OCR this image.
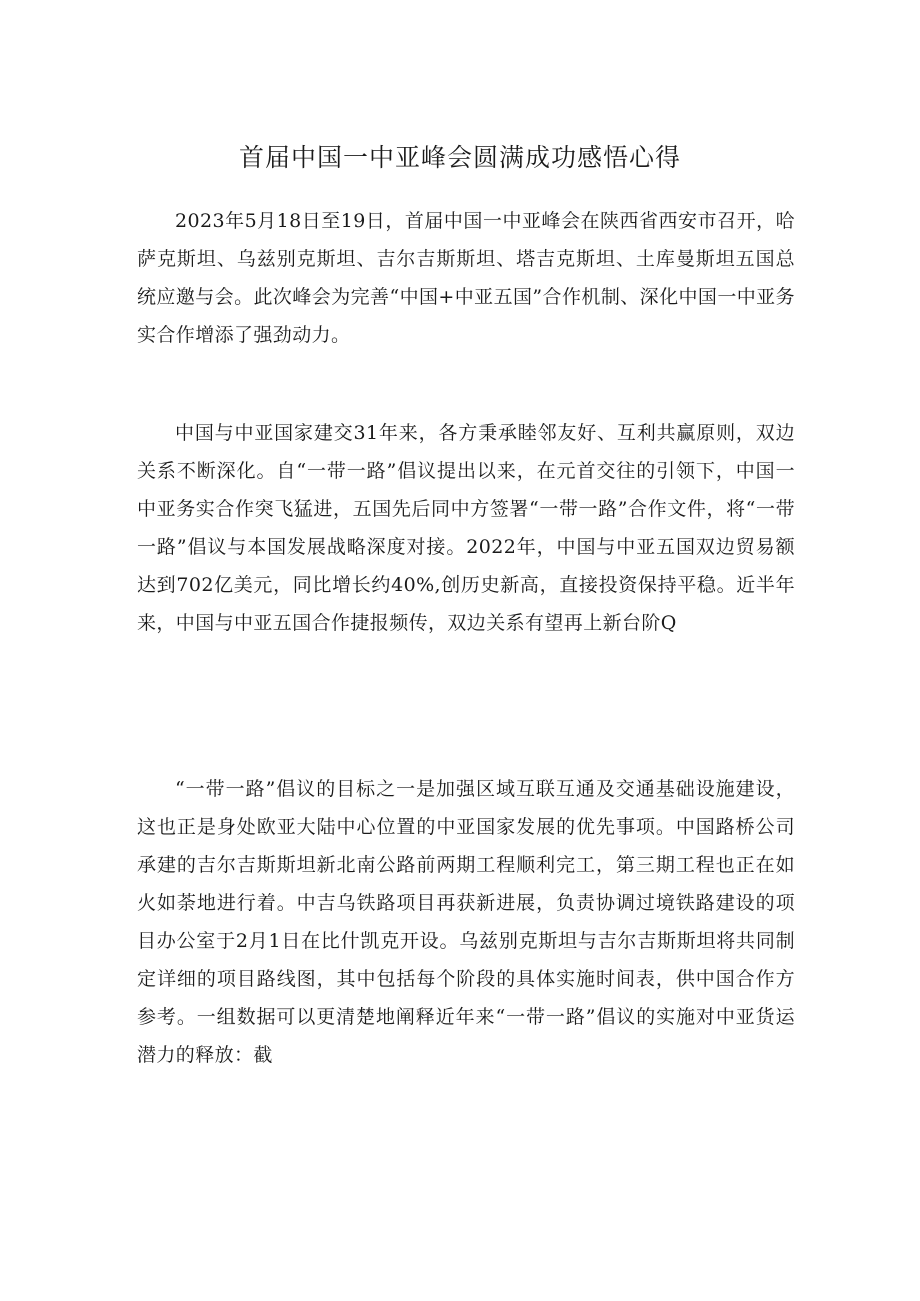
首届中国一中亚峰会圆满成功感悟心得

2023年5月18日至19日，首届中国一中亚峰会在陕西省西安市召开，哈萨克斯坦、乌兹别克斯坦、吉尔吉斯斯坦、塔吉克斯坦、土库曼斯坦五国总统应邀与会。此次峰会为完善“中国+中亚五国”合作机制、深化中国一中亚务实合作增添了强劲动力。

中国与中亚国家建交31年来，各方秉承睦邻友好、互利共赢原则，双边关系不断深化。自“一带一路”倡议提出以来，在元首交往的引领下，中国一中亚务实合作突飞猛进，五国先后同中方签署“一带一路”合作文件，将“一带一路”倡议与本国发展战略深度对接。2022年，中国与中亚五国双边贸易额达到702亿美元，同比增长约40%,创历史新高，直接投资保持平稳。近半年来，中国与中亚五国合作捷报频传，双边关系有望再上新台阶Q

“一带一路”倡议的目标之一是加强区域互联互通及交通基础设施建设，这也正是身处欧亚大陆中心位置的中亚国家发展的优先事项。中国路桥公司承建的吉尔吉斯斯坦新北南公路前两期工程顺利完工，第三期工程也正在如火如荼地进行着。中吉乌铁路项目再获新进展，负责协调过境铁路建设的项目办公室于2月1日在比什凯克开设。乌兹别克斯坦与吉尔吉斯斯坦将共同制定详细的项目路线图，其中包括每个阶段的具体实施时间表，供中国合作方参考。一组数据可以更清楚地阐释近年来“一带一路”倡议的实施对中亚货运潜力的释放：截
